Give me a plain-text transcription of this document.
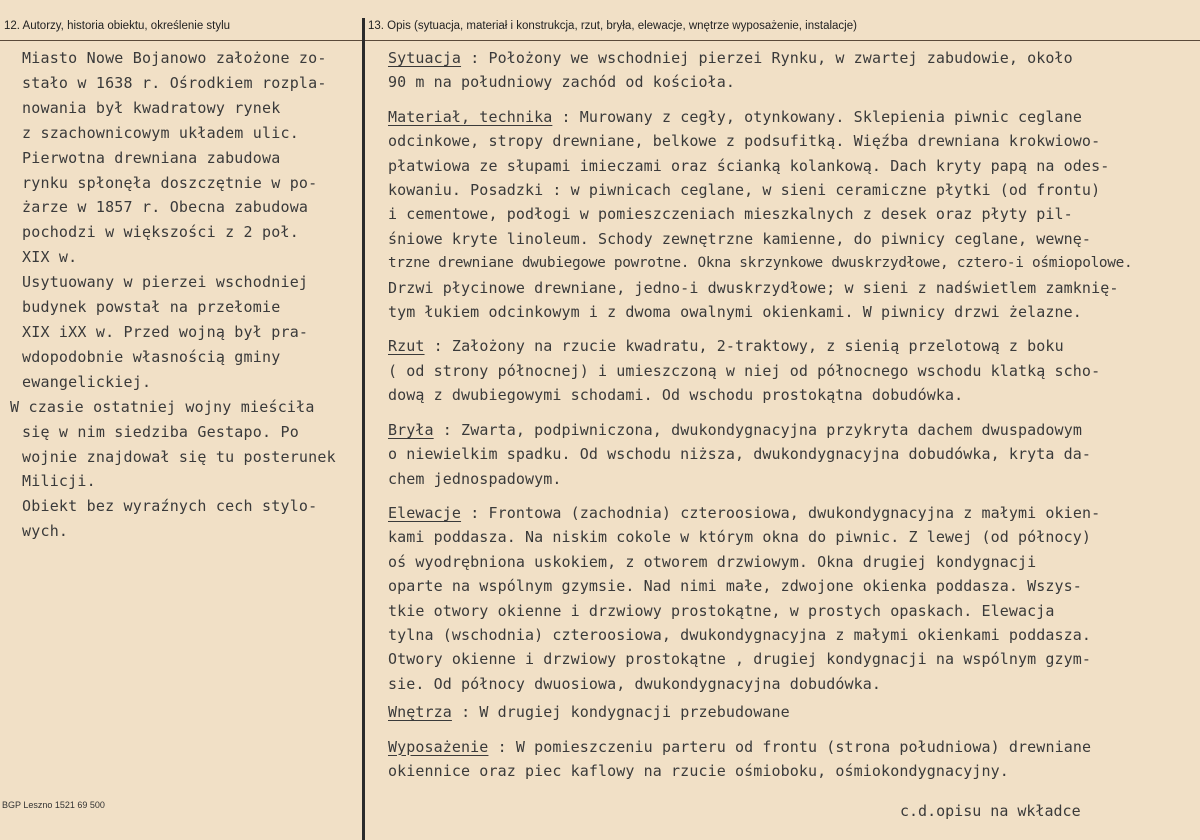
12. Autorzy, historia obiektu, określenie stylu	13. Opis (sytuacja, materiał i konstrukcja, rzut, bryła, elewacje, wnętrze wyposażenie, instalacje)
Miasto Nowe Bojanowo założone zo-
stało w 1638 r. Ośrodkiem rozpla-
nowania był kwadratowy rynek
z szachownicowym układem ulic.
Pierwotna drewniana zabudowa
rynku spłonęła doszczętnie w po-
żarze w 1857 r. Obecna zabudowa
pochodzi w większości z 2 poł.
XIX w.
Usytuowany w pierzei wschodniej
budynek powstał na przełomie
XIX iXX w. Przed wojną był pra-
wdopodobnie własnością gminy
ewangelickiej.
W czasie ostatniej wojny mieściła
się w nim siedziba Gestapo. Po
wojnie znajdował się tu posterunek
Milicji.
Obiekt bez wyraźnych cech stylo-
wych.

Sytuacja : Położony we wschodniej pierzei Rynku, w zwartej zabudowie, około

90 m na południowy zachód od kościoła.

Materiał, technika : Murowany z cegły, otynkowany. Sklepienia piwnic ceglane

odcinkowe, stropy drewniane, belkowe z podsufitką. Więźba drewniana krokwiowo-

płatwiowa ze słupami imieczami oraz ścianką kolankową. Dach kryty papą na odes-

kowaniu. Posadzki : w piwnicach ceglane, w sieni ceramiczne płytki (od frontu)

i cementowe, podłogi w pomieszczeniach mieszkalnych z desek oraz płyty pil-

śniowe kryte linoleum. Schody zewnętrzne kamienne, do piwnicy ceglane, wewnę-

trzne drewniane dwubiegowe powrotne. Okna skrzynkowe dwuskrzydłowe, cztero-i ośmiopolowe.

Drzwi płycinowe drewniane, jedno-i dwuskrzydłowe; w sieni z nadświetlem zamknię-

tym łukiem odcinkowym i z dwoma owalnymi okienkami. W piwnicy drzwi żelazne.

Rzut : Założony na rzucie kwadratu, 2-traktowy, z sienią przelotową z boku

( od strony północnej) i umieszczoną w niej od północnego wschodu klatką scho-

dową z dwubiegowymi schodami. Od wschodu prostokątna dobudówka.

Bryła : Zwarta, podpiwniczona, dwukondygnacyjna przykryta dachem dwuspadowym

o niewielkim spadku. Od wschodu niższa, dwukondygnacyjna dobudówka, kryta da-

chem jednospadowym.

Elewacje : Frontowa (zachodnia) czteroosiowa, dwukondygnacyjna z małymi okien-

kami poddasza. Na niskim cokole w którym okna do piwnic. Z lewej (od północy)

oś wyodrębniona uskokiem, z otworem drzwiowym. Okna drugiej kondygnacji

oparte na wspólnym gzymsie. Nad nimi małe, zdwojone okienka poddasza. Wszys-

tkie otwory okienne i drzwiowy prostokątne, w prostych opaskach. Elewacja

tylna (wschodnia) czteroosiowa, dwukondygnacyjna z małymi okienkami poddasza.

Otwory okienne i drzwiowy prostokątne , drugiej kondygnacji na wspólnym gzym-

sie. Od północy dwuosiowa, dwukondygnacyjna dobudówka.

Wnętrza : W drugiej kondygnacji przebudowane

Wyposażenie : W pomieszczeniu parteru od frontu (strona południowa) drewniane

okiennice oraz piec kaflowy na rzucie ośmioboku, ośmiokondygnacyjny.

BGP Leszno 1521 69 500	c.d.opisu na wkładce
